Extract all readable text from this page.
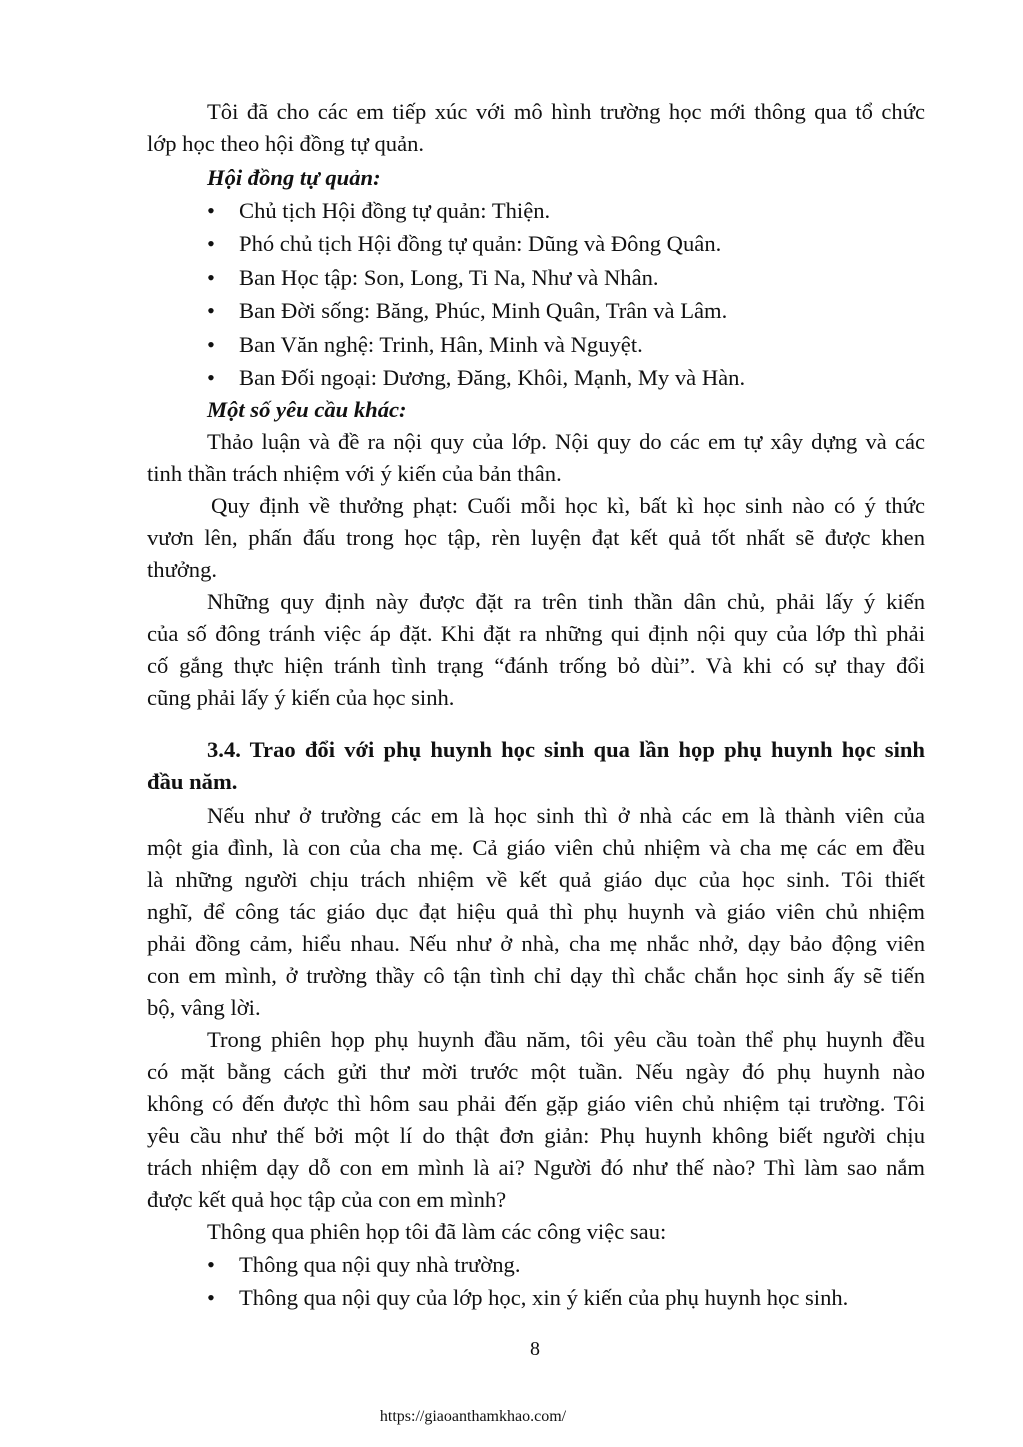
Tôi đã cho các em tiếp xúc với mô hình trường học mới thông qua tổ chức
lớp học theo hội đồng tự quản.
Hội đồng tự quản:
• Chủ tịch Hội đồng tự quản: Thiện.
• Phó chủ tịch Hội đồng tự quản: Dũng và Đông Quân.
• Ban Học tập: Son, Long, Ti Na, Như và Nhân.
• Ban Đời sống: Băng, Phúc, Minh Quân, Trân và Lâm.
• Ban Văn nghệ: Trinh, Hân, Minh và Nguyệt.
• Ban Đối ngoại: Dương, Đăng, Khôi, Mạnh, My và Hàn.
Một số yêu cầu khác:
Thảo luận và đề ra nội quy của lớp. Nội quy do các em tự xây dựng và các
tinh thần trách nhiệm với ý kiến của bản thân.
Quy định về thưởng phạt: Cuối mỗi học kì, bất kì học sinh nào có ý thức
vươn lên, phấn đấu trong học tập, rèn luyện đạt kết quả tốt nhất sẽ được khen
thưởng.
Những quy định này được đặt ra trên tinh thần dân chủ, phải lấy ý kiến
của số đông tránh việc áp đặt. Khi đặt ra những qui định nội quy của lớp thì phải
cố gắng thực hiện tránh tình trạng “đánh trống bỏ dùi”. Và khi có sự thay đổi
cũng phải lấy ý kiến của học sinh.
3.4. Trao đổi với phụ huynh học sinh qua lần họp phụ huynh học sinh
đầu năm.
Nếu như ở trường các em là học sinh thì ở nhà các em là thành viên của
một gia đình, là con của cha mẹ. Cả giáo viên chủ nhiệm và cha mẹ các em đều
là những người chịu trách nhiệm về kết quả giáo dục của học sinh. Tôi thiết
nghĩ, để công tác giáo dục đạt hiệu quả thì phụ huynh và giáo viên chủ nhiệm
phải đồng cảm, hiểu nhau. Nếu như ở nhà, cha mẹ nhắc nhở, dạy bảo động viên
con em mình, ở trường thầy cô tận tình chỉ dạy thì chắc chắn học sinh ấy sẽ tiến
bộ, vâng lời.
Trong phiên họp phụ huynh đầu năm, tôi yêu cầu toàn thể phụ huynh đều
có mặt bằng cách gửi thư mời trước một tuần. Nếu ngày đó phụ huynh nào
không có đến được thì hôm sau phải đến gặp giáo viên chủ nhiệm tại trường. Tôi
yêu cầu như thế bởi một lí do thật đơn giản: Phụ huynh không biết người chịu
trách nhiệm dạy dỗ con em mình là ai? Người đó như thế nào? Thì làm sao nắm
được kết quả học tập của con em mình?
Thông qua phiên họp tôi đã làm các công việc sau:
• Thông qua nội quy nhà trường.
• Thông qua nội quy của lớp học, xin ý kiến của phụ huynh học sinh.
8
https://giaoanthamkhao.com/
